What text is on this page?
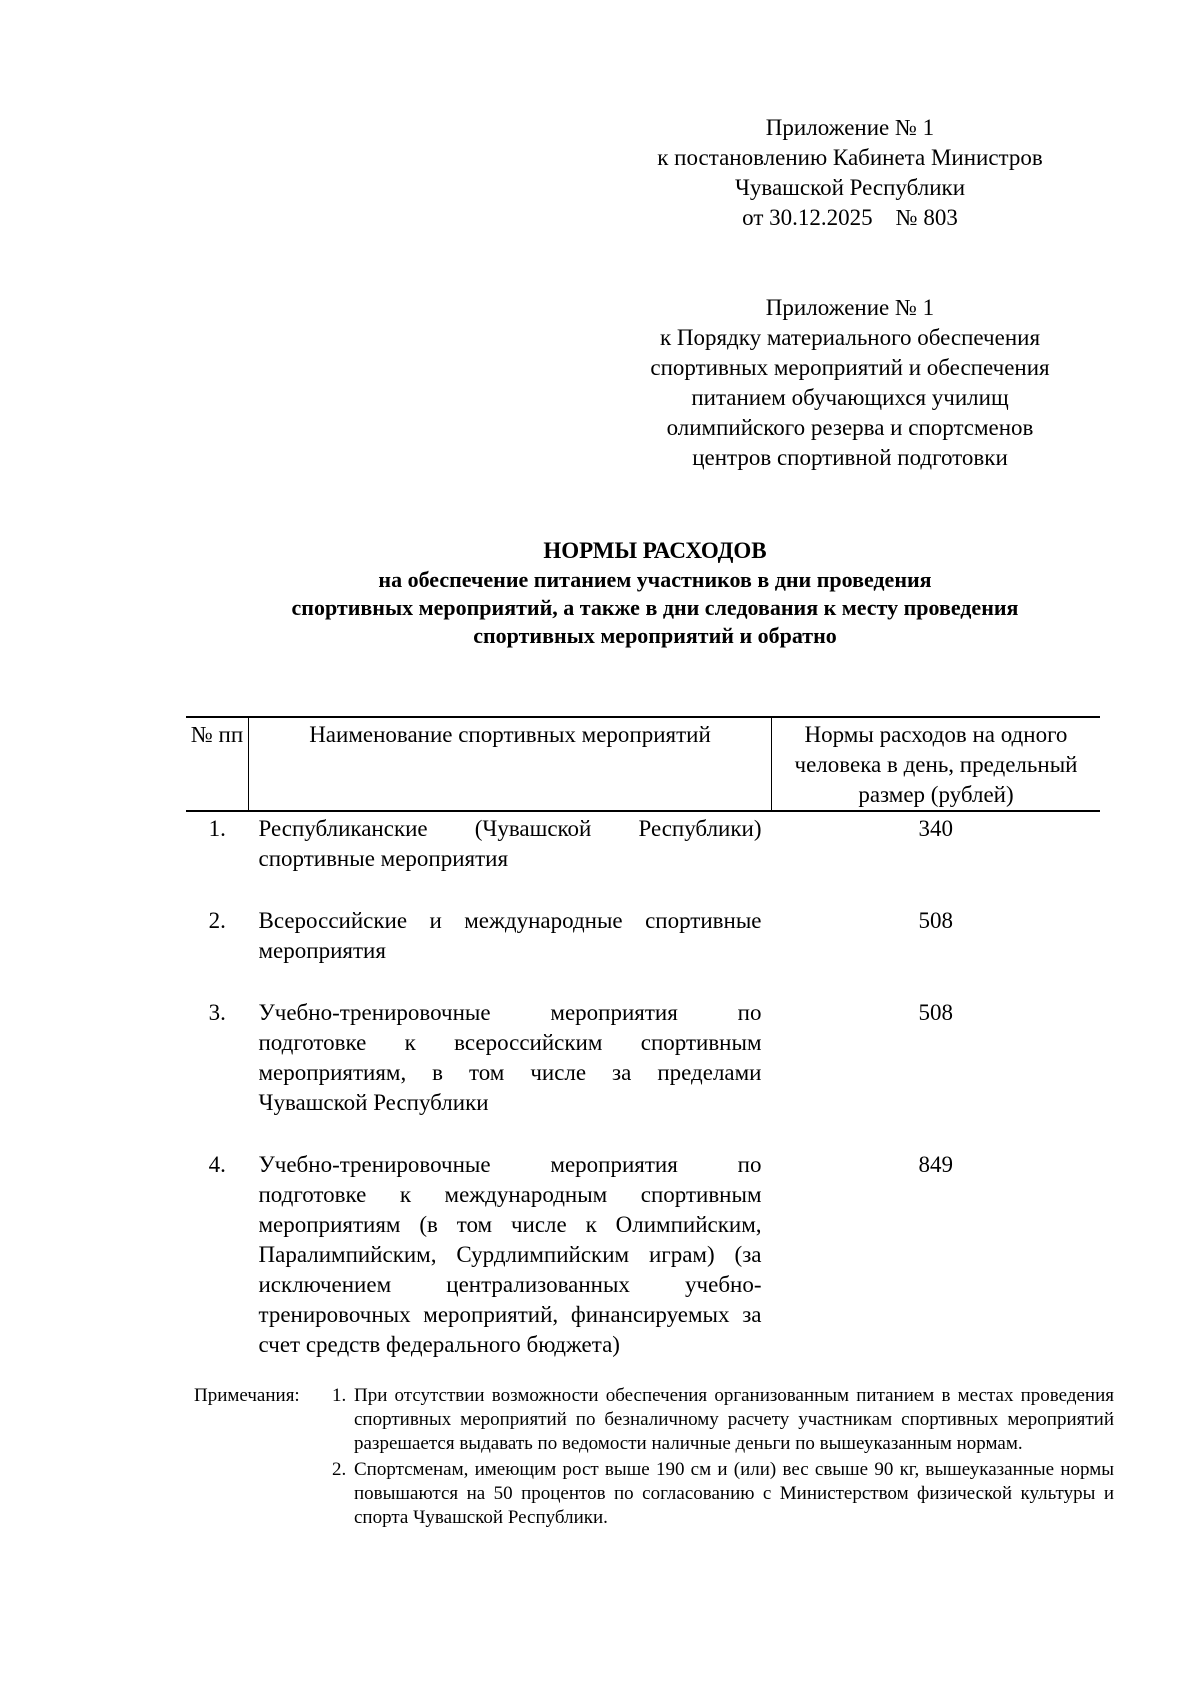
Приложение № 1
к постановлению Кабинета Министров
Чувашской Республики
от 30.12.2025    № 803
Приложение № 1
к Порядку материального обеспечения
спортивных мероприятий и обеспечения
питанием обучающихся училищ
олимпийского резерва и спортсменов
центров спортивной подготовки
НОРМЫ РАСХОДОВ
на обеспечение питанием участников в дни проведения
спортивных мероприятий, а также в дни следования к месту проведения
спортивных мероприятий и обратно
№ пп	Наименование спортивных мероприятий	Нормы расходов на одного человека в день, предельный размер (рублей)
1.	Республиканские (Чувашской Республики) спортивные мероприятия	340
2.	Всероссийские и международные спортивные мероприятия	508
3.	Учебно-тренировочные мероприятия по подготовке к всероссийским спортивным мероприятиям, в том числе за пределами Чувашской Республики	508
4.	Учебно-тренировочные мероприятия по подготовке к международным спортивным мероприятиям (в том числе к Олимпийским, Паралимпийским, Сурдлимпийским играм) (за исключением централизованных учебно-тренировочных мероприятий, финансируемых за счет средств федерального бюджета)	849
Примечания:	1. При отсутствии возможности обеспечения организованным питанием в местах проведения спортивных мероприятий по безналичному расчету участникам спортивных мероприятий разрешается выдавать по ведомости наличные деньги по вышеуказанным нормам.
2. Спортсменам, имеющим рост выше 190 см и (или) вес свыше 90 кг, вышеуказанные нормы повышаются на 50 процентов по согласованию с Министерством физической культуры и спорта Чувашской Республики.
